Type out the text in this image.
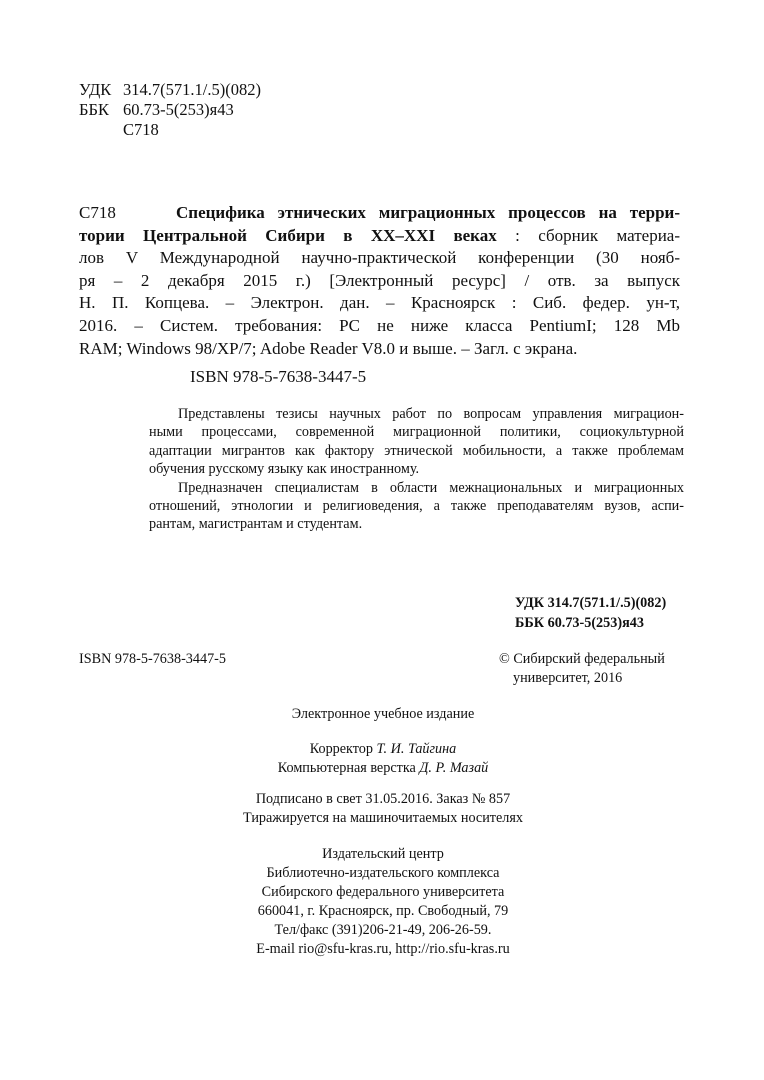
УДК 314.7(571.1/.5)(082)
ББК 60.73-5(253)я43
С718
С718	Специфика этнических миграционных процессов на терри-
тории Центральной Сибири в XX–XXI веках : сборник материа-
лов V Международной научно-практической конференции (30 нояб-
ря – 2 декабря 2015 г.) [Электронный ресурс] / отв. за выпуск
Н. П. Копцева. – Электрон. дан. – Красноярск : Сиб. федер. ун-т,
2016. – Систем. требования: PC не ниже класса PentiumI; 128 Mb
RAM; Windows 98/XP/7; Adobe Reader V8.0 и выше. – Загл. с экрана.
ISBN 978-5-7638-3447-5
Представлены тезисы научных работ по вопросам управления миграцион-
ными процессами, современной миграционной политики, социокультурной
адаптации мигрантов как фактору этнической мобильности, а также проблемам
обучения русскому языку как иностранному.
Предназначен специалистам в области межнациональных и миграционных
отношений, этнологии и религиоведения, а также преподавателям вузов, аспи-
рантам, магистрантам и студентам.
УДК 314.7(571.1/.5)(082)
ББК 60.73-5(253)я43
ISBN 978-5-7638-3447-5	© Сибирский федеральный
университет, 2016
Электронное учебное издание
Корректор Т. И. Тайгина
Компьютерная верстка Д. Р. Мазай
Подписано в свет 31.05.2016. Заказ № 857
Тиражируется на машиночитаемых носителях
Издательский центр
Библиотечно-издательского комплекса
Сибирского федерального университета
660041, г. Красноярск, пр. Свободный, 79
Тел/факс (391)206-21-49, 206-26-59.
E-mail rio@sfu-kras.ru, http://rio.sfu-kras.ru
